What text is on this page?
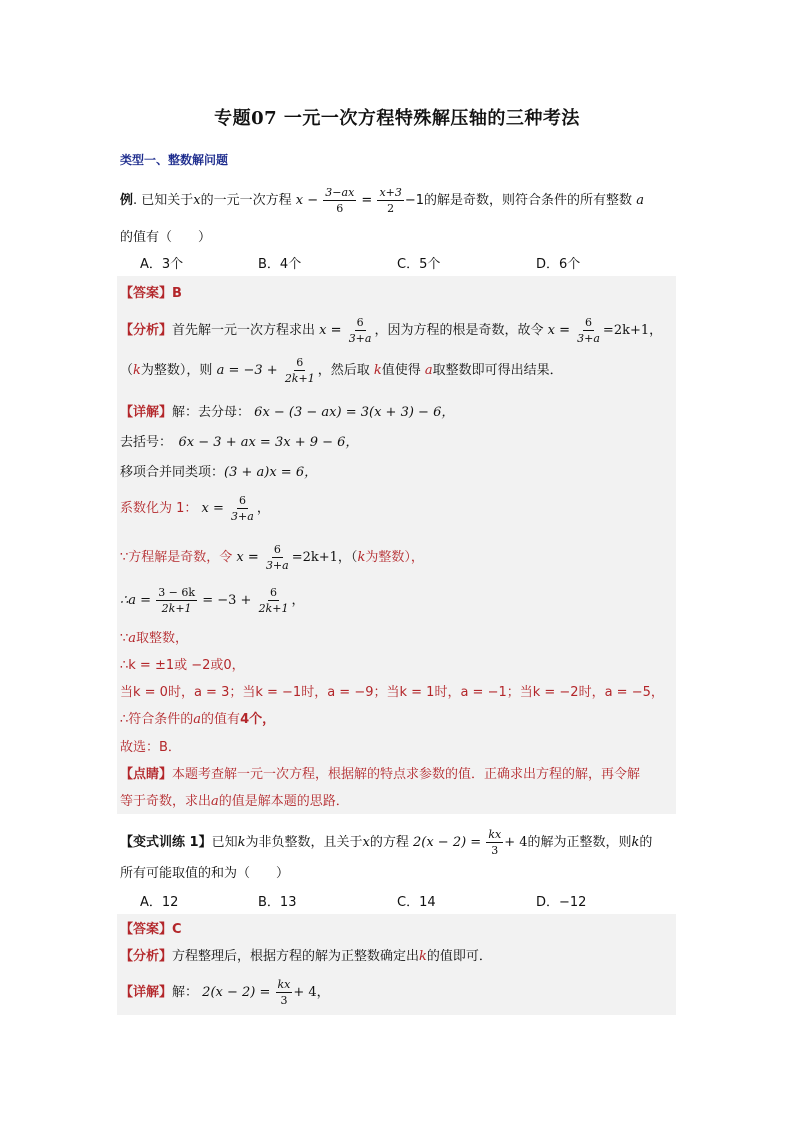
专题07 一元一次方程特殊解压轴的三种考法
类型一、整数解问题
例. 已知关于x的一元一次方程 $x - \frac{3-ax}{6} = \frac{x+3}{2} -1$的解是奇数，则符合条件的所有整数 a
的值有（　　）
A．3个	B．4个	C．5个	D．6个
【答案】B
【分析】首先解一元一次方程求出 $x = \frac{6}{3+a}$ ，因为方程的根是奇数，故令 $x = \frac{6}{3+a} =2k+1$，
（k为整数），则 $a = -3 + \frac{6}{2k+1}$ ，然后取 k值使得 a取整数即可得出结果．
【详解】解：去分母： 6x − (3 − ax) = 3(x + 3) − 6，
去括号：　 6x − 3 + ax = 3x + 9 − 6，
移项合并同类项：(3 + a)x = 6，
系数化为 1： $x = \frac{6}{3+a}$ ，
∵方程解是奇数，令 $x = \frac{6}{3+a} =2k+1$，（k为整数），
∴a = $\frac{3 - 6k}{2k+1} = -3 + \frac{6}{2k+1}$ ，
∵a取整数，
∴k = ±1或 −2或0，
当k = 0时，a = 3；当k = −1时，a = −9；当k = 1时，a = −1；当k = −2时，a = −5，
∴符合条件的a的值有4个，
故选：B．
【点睛】本题考查解一元一次方程，根据解的特点求参数的值．正确求出方程的解，再令解
等于奇数，求出a的值是解本题的思路．
【变式训练 1】已知k为非负整数，且关于x的方程 $2(x - 2) = \frac{kx}{3} + 4$的解为正整数，则k的
所有可能取值的和为（　　）
A．12	B．13	C．14	D．−12
【答案】C
【分析】方程整理后，根据方程的解为正整数确定出k的值即可．
【详解】解： $2(x - 2) = \frac{kx}{3} + 4$，
